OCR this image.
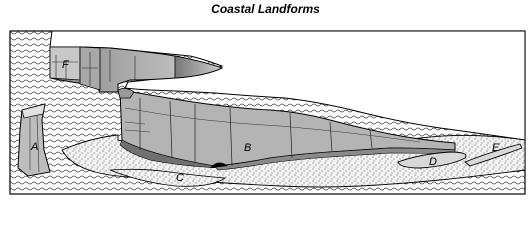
Coastal Landforms
A	B
C
D
E
F
